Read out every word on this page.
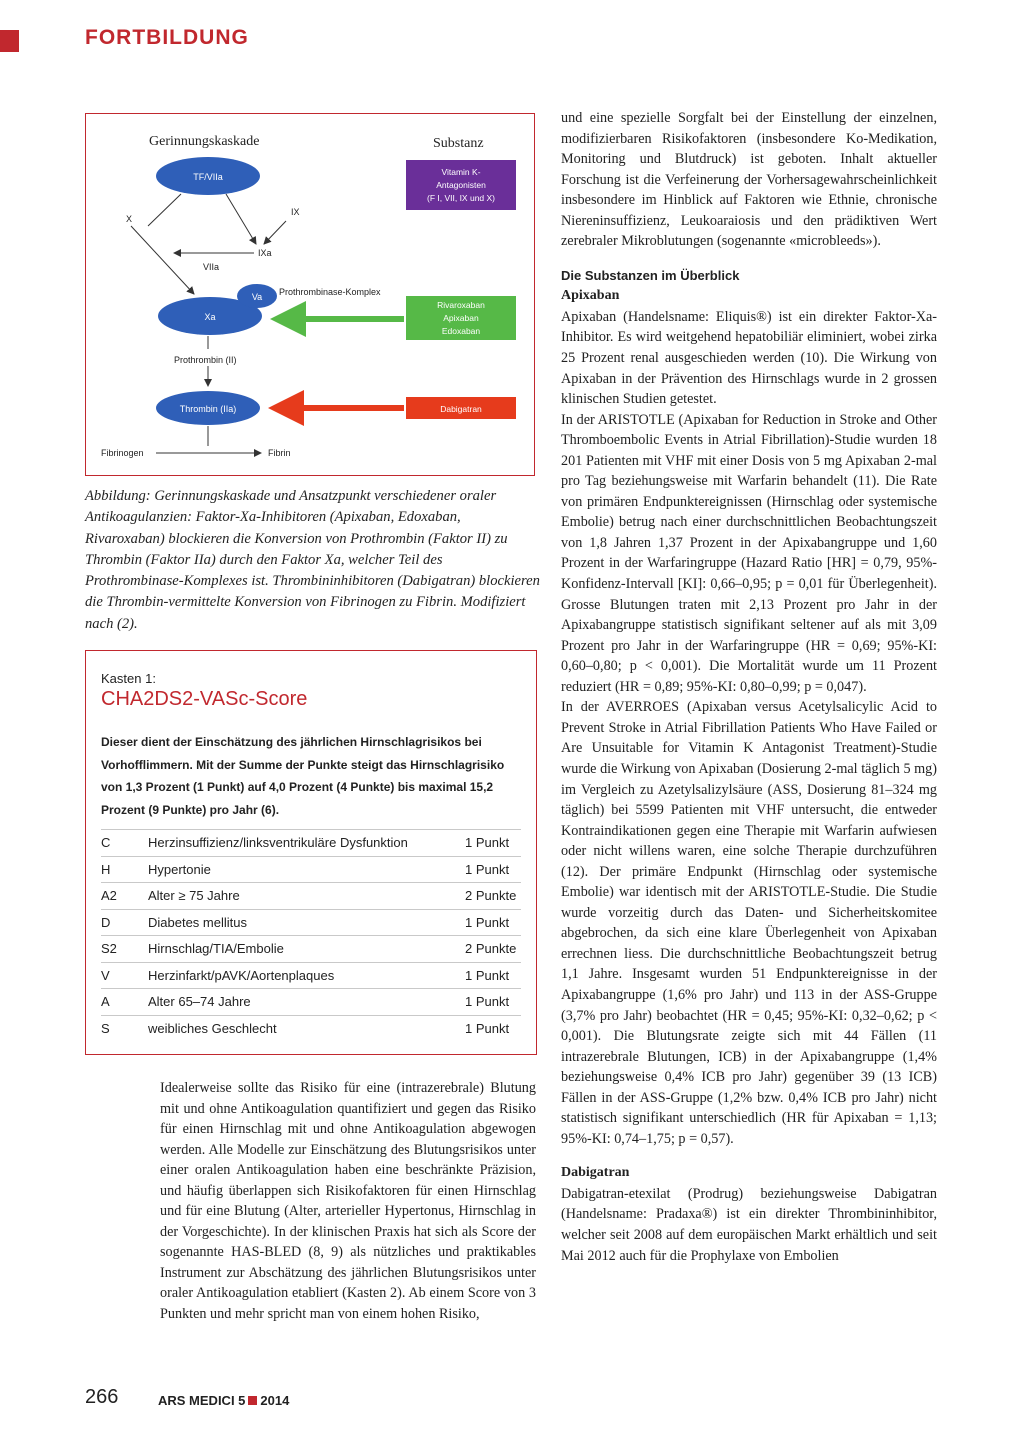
FORTBILDUNG
Gerinnungskaskade	Substanz
TF/VIIa	Vitamin K-
Antagonisten
(F I, VII, IX und X)
X
IX
IXa
VIIa
Xa
Va Prothrombinase-Komplex
Rivaroxaban
Apixaban
Edoxaban
Prothrombin (II)
Thrombin (IIa)	Dabigatran
Fibrinogen	Fibrin
Abbildung: Gerinnungskaskade und Ansatzpunkt verschiedener oraler Antikoagulanzien: Faktor-Xa-Inhibitoren (Apixaban, Edoxaban, Rivaroxaban) blockieren die Konversion von Prothrombin (Faktor II) zu Thrombin (Faktor IIa) durch den Faktor Xa, welcher Teil des Prothrombinase-Komplexes ist. Thrombininhibitoren (Dabigatran) blockieren die Thrombin-vermittelte Konversion von Fibrinogen zu Fibrin. Modifiziert nach (2).
Kasten 1:
CHA2DS2-VASc-Score
Dieser dient der Einschätzung des jährlichen Hirnschlagrisikos bei Vorhofflimmern. Mit der Summe der Punkte steigt das Hirnschlagrisiko von 1,3 Prozent (1 Punkt) auf 4,0 Prozent (4 Punkte) bis maximal 15,2 Prozent (9 Punkte) pro Jahr (6).
C	Herzinsuffizienz/linksventrikuläre Dysfunktion	1 Punkt
H	Hypertonie	1 Punkt
A2	Alter ≥ 75 Jahre	2 Punkte
D	Diabetes mellitus	1 Punkt
S2	Hirnschlag/TIA/Embolie	2 Punkte
V	Herzinfarkt/pAVK/Aortenplaques	1 Punkt
A	Alter 65–74 Jahre	1 Punkt
S	weibliches Geschlecht	1 Punkt

Idealerweise sollte das Risiko für eine (intrazerebrale) Blutung mit und ohne Antikoagulation quantifiziert und gegen das Risiko für einen Hirnschlag mit und ohne Antikoagulation abgewogen werden. Alle Modelle zur Einschätzung des Blutungsrisikos unter einer oralen Antikoagulation haben eine beschränkte Präzision, und häufig überlappen sich Risikofaktoren für einen Hirnschlag und für eine Blutung (Alter, arterieller Hypertonus, Hirnschlag in der Vorgeschichte). In der klinischen Praxis hat sich als Score der sogenannte HAS-BLED (8, 9) als nützliches und praktikables Instrument zur Abschätzung des jährlichen Blutungsrisikos unter oraler Antikoagulation etabliert (Kasten 2). Ab einem Score von 3 Punkten und mehr spricht man von einem hohen Risiko,

und eine spezielle Sorgfalt bei der Einstellung der einzelnen, modifizierbaren Risikofaktoren (insbesondere Ko-Medikation, Monitoring und Blutdruck) ist geboten. Inhalt aktueller Forschung ist die Verfeinerung der Vorhersagewahrscheinlichkeit insbesondere im Hinblick auf Faktoren wie Ethnie, chronische Niereninsuffizienz, Leukoaraiosis und den prädiktiven Wert zerebraler Mikroblutungen (sogenannte «microbleeds»).

Die Substanzen im Überblick

Apixaban

Apixaban (Handelsname: Eliquis®) ist ein direkter Faktor-Xa-Inhibitor. Es wird weitgehend hepatobiliär eliminiert, wobei zirka 25 Prozent renal ausgeschieden werden (10). Die Wirkung von Apixaban in der Prävention des Hirnschlags wurde in 2 grossen klinischen Studien getestet.

In der ARISTOTLE (Apixaban for Reduction in Stroke and Other Thromboembolic Events in Atrial Fibrillation)-Studie wurden 18 201 Patienten mit VHF mit einer Dosis von 5 mg Apixaban 2-mal pro Tag beziehungsweise mit Warfarin behandelt (11). Die Rate von primären Endpunktereignissen (Hirnschlag oder systemische Embolie) betrug nach einer durchschnittlichen Beobachtungszeit von 1,8 Jahren 1,37 Prozent in der Apixabangruppe und 1,60 Prozent in der Warfaringruppe (Hazard Ratio [HR] = 0,79, 95%-Konfidenz-Intervall [KI]: 0,66–0,95; p = 0,01 für Überlegenheit). Grosse Blutungen traten mit 2,13 Prozent pro Jahr in der Apixabangruppe statistisch signifikant seltener auf als mit 3,09 Prozent pro Jahr in der Warfaringruppe (HR = 0,69; 95%-KI: 0,60–0,80; p < 0,001). Die Mortalität wurde um 11 Prozent reduziert (HR = 0,89; 95%-KI: 0,80–0,99; p = 0,047).

In der AVERROES (Apixaban versus Acetylsalicylic Acid to Prevent Stroke in Atrial Fibrillation Patients Who Have Failed or Are Unsuitable for Vitamin K Antagonist Treatment)-Studie wurde die Wirkung von Apixaban (Dosierung 2-mal täglich 5 mg) im Vergleich zu Azetylsalizylsäure (ASS, Dosierung 81–324 mg täglich) bei 5599 Patienten mit VHF untersucht, die entweder Kontraindikationen gegen eine Therapie mit Warfarin aufwiesen oder nicht willens waren, eine solche Therapie durchzuführen (12). Der primäre Endpunkt (Hirnschlag oder systemische Embolie) war identisch mit der ARISTOTLE-Studie. Die Studie wurde vorzeitig durch das Daten- und Sicherheitskomitee abgebrochen, da sich eine klare Überlegenheit von Apixaban errechnen liess. Die durchschnittliche Beobachtungszeit betrug 1,1 Jahre. Insgesamt wurden 51 Endpunktereignisse in der Apixabangruppe (1,6% pro Jahr) und 113 in der ASS-Gruppe (3,7% pro Jahr) beobachtet (HR = 0,45; 95%-KI: 0,32–0,62; p < 0,001). Die Blutungsrate zeigte sich mit 44 Fällen (11 intrazerebrale Blutungen, ICB) in der Apixabangruppe (1,4% beziehungsweise 0,4% ICB pro Jahr) gegenüber 39 (13 ICB) Fällen in der ASS-Gruppe (1,2% bzw. 0,4% ICB pro Jahr) nicht statistisch signifikant unterschiedlich (HR für Apixaban = 1,13; 95%-KI: 0,74–1,75; p = 0,57).

Dabigatran

Dabigatran-etexilat (Prodrug) beziehungsweise Dabigatran (Handelsname: Pradaxa®) ist ein direkter Thrombininhibitor, welcher seit 2008 auf dem europäischen Markt erhältlich und seit Mai 2012 auch für die Prophylaxe von Embolien

266	ARS MEDICI 5 2014
